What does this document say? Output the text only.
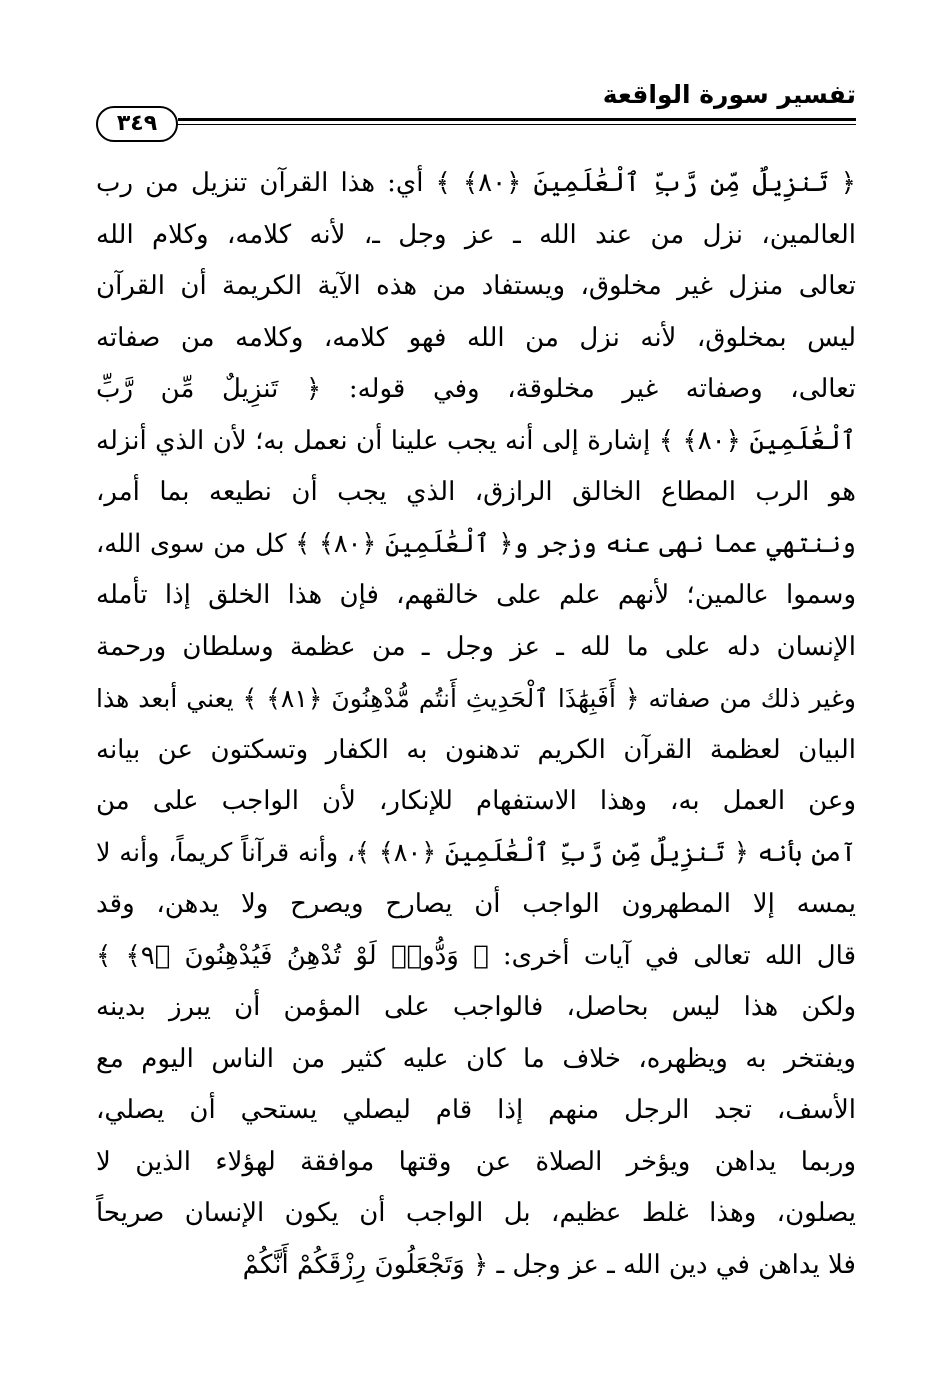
تفسير سورة الواقعة
٣٤٩
﴿ تَنزِيلٌ مِّن رَّبِّ ٱلْعَٰلَمِينَ ﴿٨٠﴾ ﴾ أي: هذا القرآن تنزيل من رب
العالمين، نزل من عند الله ـ عز وجل ـ، لأنه كلامه، وكلام الله
تعالى منزل غير مخلوق، ويستفاد من هذه الآية الكريمة أن القرآن
ليس بمخلوق، لأنه نزل من الله فهو كلامه، وكلامه من صفاته
تعالى، وصفاته غير مخلوقة، وفي قوله: ﴿ تَنزِيلٌ مِّن رَّبِّ
ٱلْعَٰلَمِينَ ﴿٨٠﴾ ﴾ إشارة إلى أنه يجب علينا أن نعمل به؛ لأن الذي أنزله
هو الرب المطاع الخالق الرازق، الذي يجب أن نطيعه بما أمر،
وننتهي عما نهى عنه وزجر و﴿ ٱلْعَٰلَمِينَ ﴿٨٠﴾ ﴾ كل من سوى الله،
وسموا عالمين؛ لأنهم علم على خالقهم، فإن هذا الخلق إذا تأمله
الإنسان دله على ما لله ـ عز وجل ـ من عظمة وسلطان ورحمة
وغير ذلك من صفاته ﴿ أَفَبِهَٰذَا ٱلْحَدِيثِ أَنتُم مُّدْهِنُونَ ﴿٨١﴾ ﴾ يعني أبعد هذا
البيان لعظمة القرآن الكريم تدهنون به الكفار وتسكتون عن بيانه
وعن العمل به، وهذا الاستفهام للإنكار، لأن الواجب على من
آمن بأنه ﴿ تَنزِيلٌ مِّن رَّبِّ ٱلْعَٰلَمِينَ ﴿٨٠﴾ ﴾، وأنه قرآناً كريماً، وأنه لا
يمسه إلا المطهرون الواجب أن يصارح ويصرح ولا يدهن، وقد
قال الله تعالى في آيات أخرى: ﴿ وَدُّوا۟ لَوْ تُدْهِنُ فَيُدْهِنُونَ ﴿٩﴾ ﴾
ولكن هذا ليس بحاصل، فالواجب على المؤمن أن يبرز بدينه
ويفتخر به ويظهره، خلاف ما كان عليه كثير من الناس اليوم مع
الأسف، تجد الرجل منهم إذا قام ليصلي يستحي أن يصلي،
وربما يداهن ويؤخر الصلاة عن وقتها موافقة لهؤلاء الذين لا
يصلون، وهذا غلط عظيم، بل الواجب أن يكون الإنسان صريحاً
فلا يداهن في دين الله ـ عز وجل ـ ﴿ وَتَجْعَلُونَ رِزْقَكُمْ أَنَّكُمْ
